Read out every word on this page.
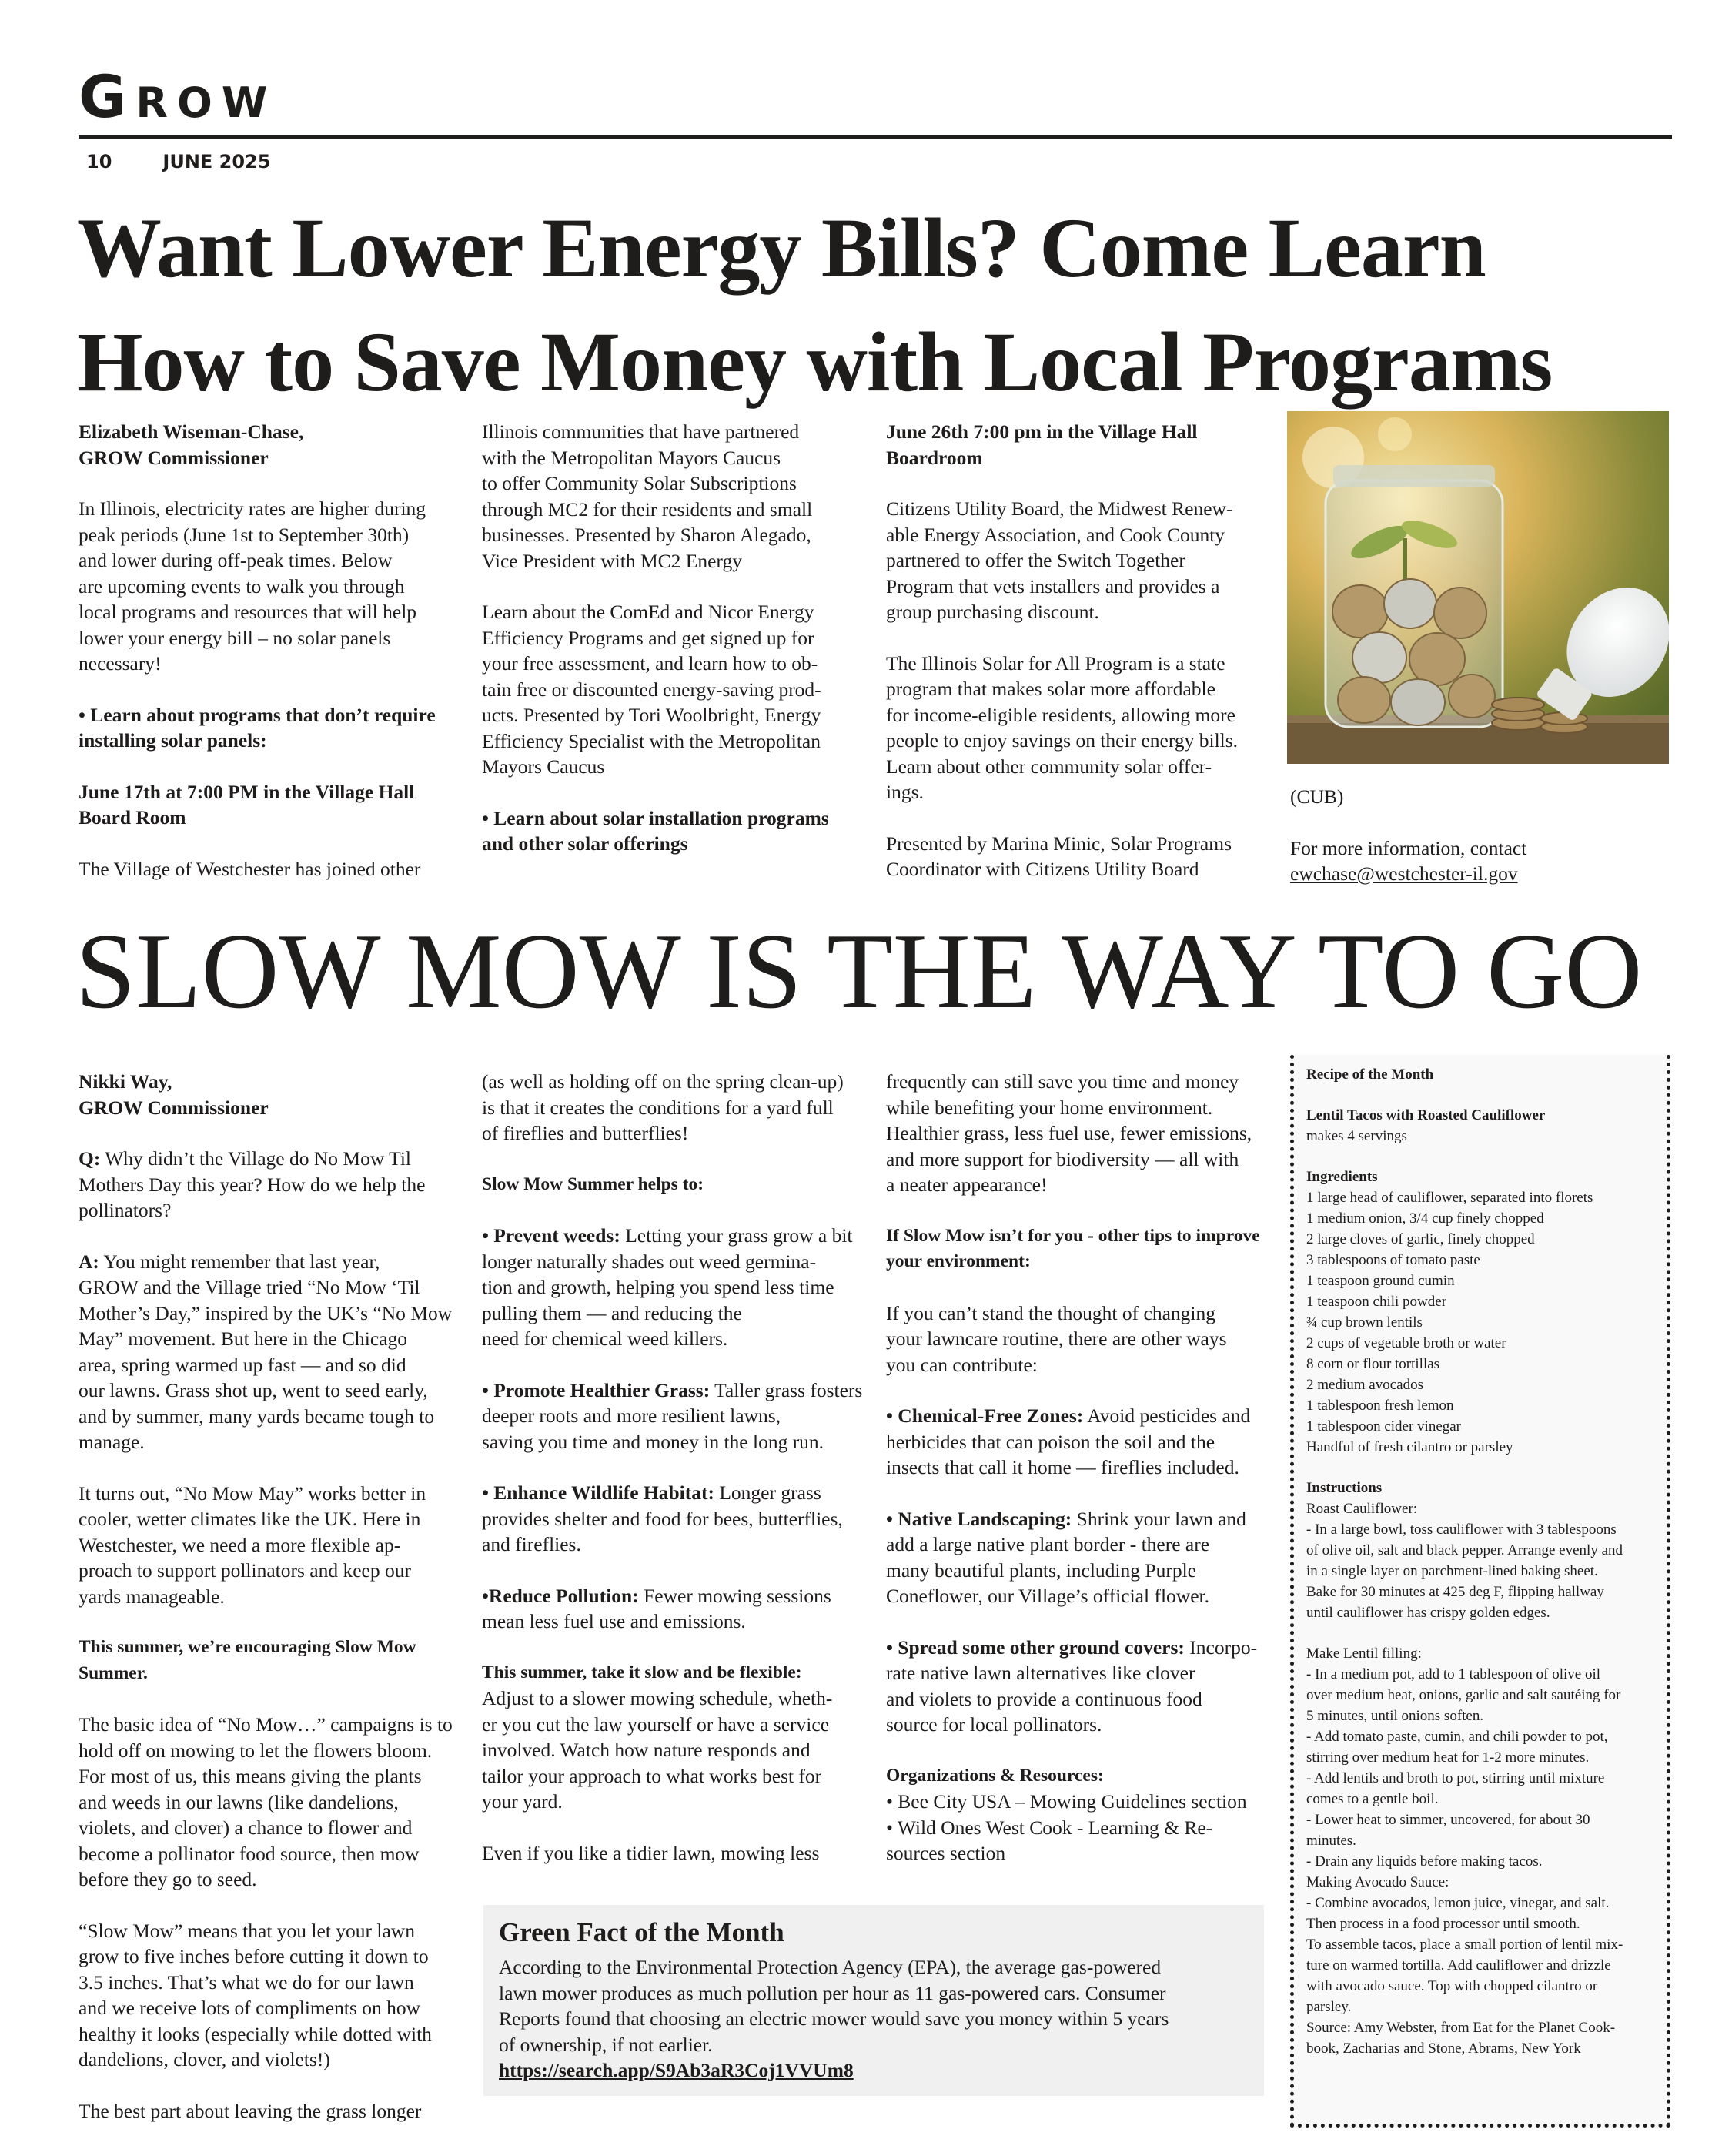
GROW
10	JUNE 2025
Want Lower Energy Bills? Come Learn
How to Save Money with Local Programs

Elizabeth Wiseman-Chase,
GROW Commissioner

In Illinois, electricity rates are higher during
peak periods (June 1st to September 30th)
and lower during off-peak times. Below
are upcoming events to walk you through
local programs and resources that will help
lower your energy bill – no solar panels
necessary!

• Learn about programs that don’t require
installing solar panels:

June 17th at 7:00 PM in the Village Hall
Board Room

The Village of Westchester has joined other

Illinois communities that have partnered
with the Metropolitan Mayors Caucus
to offer Community Solar Subscriptions
through MC2 for their residents and small
businesses. Presented by Sharon Alegado,
Vice President with MC2 Energy

Learn about the ComEd and Nicor Energy
Efficiency Programs and get signed up for
your free assessment, and learn how to ob-
tain free or discounted energy-saving prod-
ucts. Presented by Tori Woolbright, Energy
Efficiency Specialist with the Metropolitan
Mayors Caucus

• Learn about solar installation programs
and other solar offerings

June 26th 7:00 pm in the Village Hall
Boardroom

Citizens Utility Board, the Midwest Renew-
able Energy Association, and Cook County
partnered to offer the Switch Together
Program that vets installers and provides a
group purchasing discount.

The Illinois Solar for All Program is a state
program that makes solar more affordable
for income-eligible residents, allowing more
people to enjoy savings on their energy bills.
Learn about other community solar offer-
ings.

Presented by Marina Minic, Solar Programs
Coordinator with Citizens Utility Board

(CUB)

For more information, contact

ewchase@westchester-il.gov

SLOW MOW IS THE WAY TO GO

Nikki Way,
GROW Commissioner

Q: Why didn’t the Village do No Mow Til
Mothers Day this year? How do we help the
pollinators?

A: You might remember that last year,
GROW and the Village tried “No Mow ‘Til
Mother’s Day,” inspired by the UK’s “No Mow
May” movement. But here in the Chicago
area, spring warmed up fast — and so did
our lawns. Grass shot up, went to seed early,
and by summer, many yards became tough to
manage.

It turns out, “No Mow May” works better in
cooler, wetter climates like the UK. Here in
Westchester, we need a more flexible ap-
proach to support pollinators and keep our
yards manageable.

This summer, we’re encouraging Slow Mow
Summer.

The basic idea of “No Mow…” campaigns is to
hold off on mowing to let the flowers bloom.
For most of us, this means giving the plants
and weeds in our lawns (like dandelions,
violets, and clover) a chance to flower and
become a pollinator food source, then mow
before they go to seed.

“Slow Mow” means that you let your lawn
grow to five inches before cutting it down to
3.5 inches. That’s what we do for our lawn
and we receive lots of compliments on how
healthy it looks (especially while dotted with
dandelions, clover, and violets!)

The best part about leaving the grass longer

(as well as holding off on the spring clean-up)
is that it creates the conditions for a yard full
of fireflies and butterflies!

Slow Mow Summer helps to:

• Prevent weeds: Letting your grass grow a bit
longer naturally shades out weed germina-
tion and growth, helping you spend less time
pulling them — and reducing the
need for chemical weed killers.

• Promote Healthier Grass: Taller grass fosters
deeper roots and more resilient lawns,
saving you time and money in the long run.

• Enhance Wildlife Habitat: Longer grass
provides shelter and food for bees, butterflies,
and fireflies.

•Reduce Pollution: Fewer mowing sessions
mean less fuel use and emissions.

This summer, take it slow and be flexible:

Adjust to a slower mowing schedule, wheth-
er you cut the law yourself or have a service
involved. Watch how nature responds and
tailor your approach to what works best for
your yard.

Even if you like a tidier lawn, mowing less

frequently can still save you time and money
while benefiting your home environment.
Healthier grass, less fuel use, fewer emissions,
and more support for biodiversity — all with
a neater appearance!

If Slow Mow isn’t for you - other tips to improve
your environment:

If you can’t stand the thought of changing
your lawncare routine, there are other ways
you can contribute:

• Chemical-Free Zones: Avoid pesticides and
herbicides that can poison the soil and the
insects that call it home — fireflies included.

• Native Landscaping: Shrink your lawn and
add a large native plant border - there are
many beautiful plants, including Purple
Coneflower, our Village’s official flower.

• Spread some other ground covers: Incorpo-
rate native lawn alternatives like clover
and violets to provide a continuous food
source for local pollinators.

Organizations & Resources:

• Bee City USA – Mowing Guidelines section
• Wild Ones West Cook - Learning & Re-
sources section

Green Fact of the Month

According to the Environmental Protection Agency (EPA), the average gas-powered
lawn mower produces as much pollution per hour as 11 gas-powered cars. Consumer
Reports found that choosing an electric mower would save you money within 5 years
of ownership, if not earlier.

https://search.app/S9Ab3aR3Coj1VVUm8

Recipe of the Month

Lentil Tacos with Roasted Cauliflower

makes 4 servings

Ingredients

1 large head of cauliflower, separated into florets
1 medium onion, 3/4 cup finely chopped
2 large cloves of garlic, finely chopped
3 tablespoons of tomato paste
1 teaspoon ground cumin
1 teaspoon chili powder
¾ cup brown lentils
2 cups of vegetable broth or water
8 corn or flour tortillas
2 medium avocados
1 tablespoon fresh lemon
1 tablespoon cider vinegar
Handful of fresh cilantro or parsley

Instructions

Roast Cauliflower:
- In a large bowl, toss cauliflower with 3 tablespoons
of olive oil, salt and black pepper. Arrange evenly and
in a single layer on parchment-lined baking sheet.
Bake for 30 minutes at 425 deg F, flipping hallway
until cauliflower has crispy golden edges.

Make Lentil filling:
- In a medium pot, add to 1 tablespoon of olive oil
over medium heat, onions, garlic and salt sautéing for
5 minutes, until onions soften.
- Add tomato paste, cumin, and chili powder to pot,
stirring over medium heat for 1-2 more minutes.
- Add lentils and broth to pot, stirring until mixture
comes to a gentle boil.
- Lower heat to simmer, uncovered, for about 30
minutes.
- Drain any liquids before making tacos.
Making Avocado Sauce:
- Combine avocados, lemon juice, vinegar, and salt.
Then process in a food processor until smooth.
To assemble tacos, place a small portion of lentil mix-
ture on warmed tortilla. Add cauliflower and drizzle
with avocado sauce. Top with chopped cilantro or
parsley.
Source: Amy Webster, from Eat for the Planet Cook-
book, Zacharias and Stone, Abrams, New York
